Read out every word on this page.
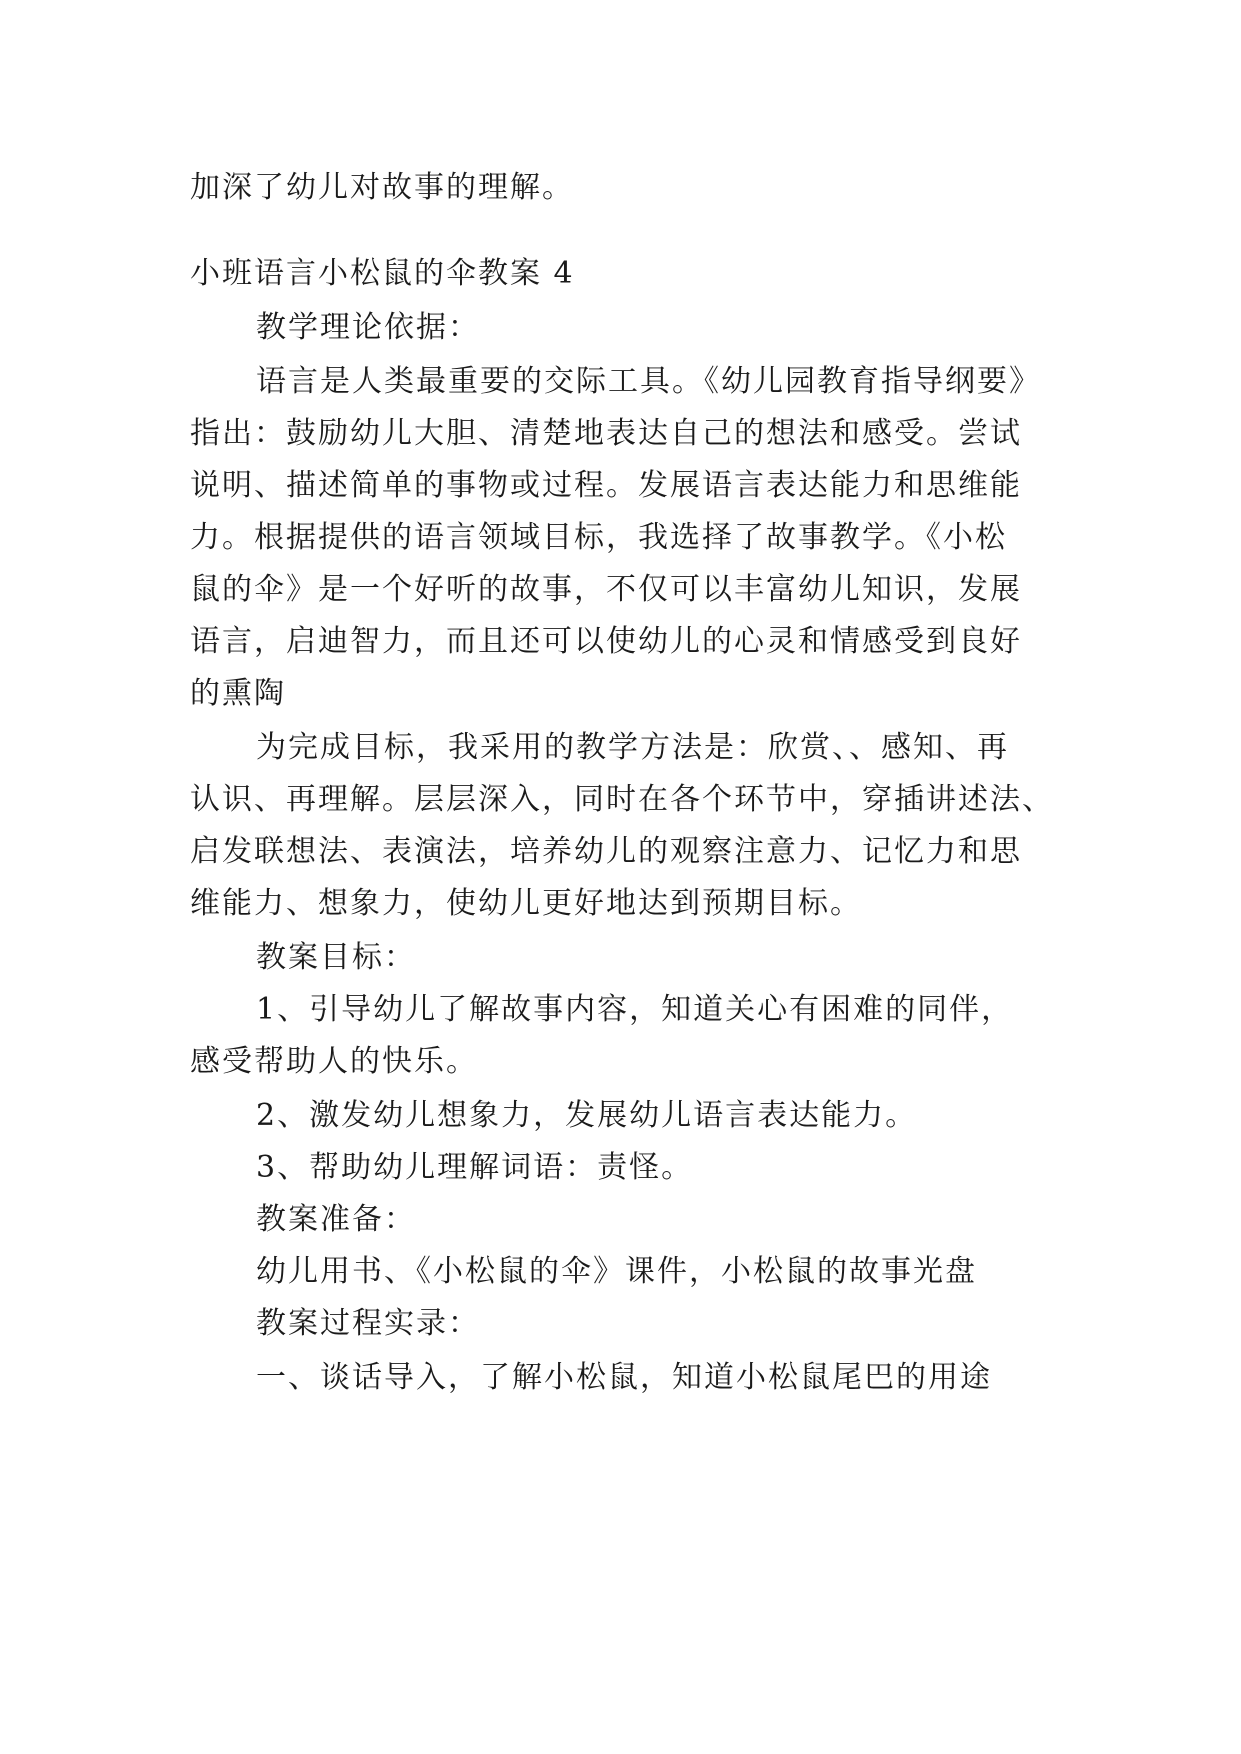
加深了幼儿对故事的理解。
小班语言小松鼠的伞教案 4
教学理论依据：
语言是人类最重要的交际工具。《幼儿园教育指导纲要》
指出：鼓励幼儿大胆、清楚地表达自己的想法和感受。尝试
说明、描述简单的事物或过程。发展语言表达能力和思维能
力。根据提供的语言领域目标，我选择了故事教学。《小松
鼠的伞》是一个好听的故事，不仅可以丰富幼儿知识，发展
语言，启迪智力，而且还可以使幼儿的心灵和情感受到良好
的熏陶
为完成目标，我采用的教学方法是：欣赏、、感知、再
认识、再理解。层层深入，同时在各个环节中，穿插讲述法、
启发联想法、表演法，培养幼儿的观察注意力、记忆力和思
维能力、想象力，使幼儿更好地达到预期目标。
教案目标：
1、引导幼儿了解故事内容，知道关心有困难的同伴，
感受帮助人的快乐。
2、激发幼儿想象力，发展幼儿语言表达能力。
3、帮助幼儿理解词语：责怪。
教案准备：
幼儿用书、《小松鼠的伞》课件，小松鼠的故事光盘
教案过程实录：
一、谈话导入，了解小松鼠，知道小松鼠尾巴的用途
